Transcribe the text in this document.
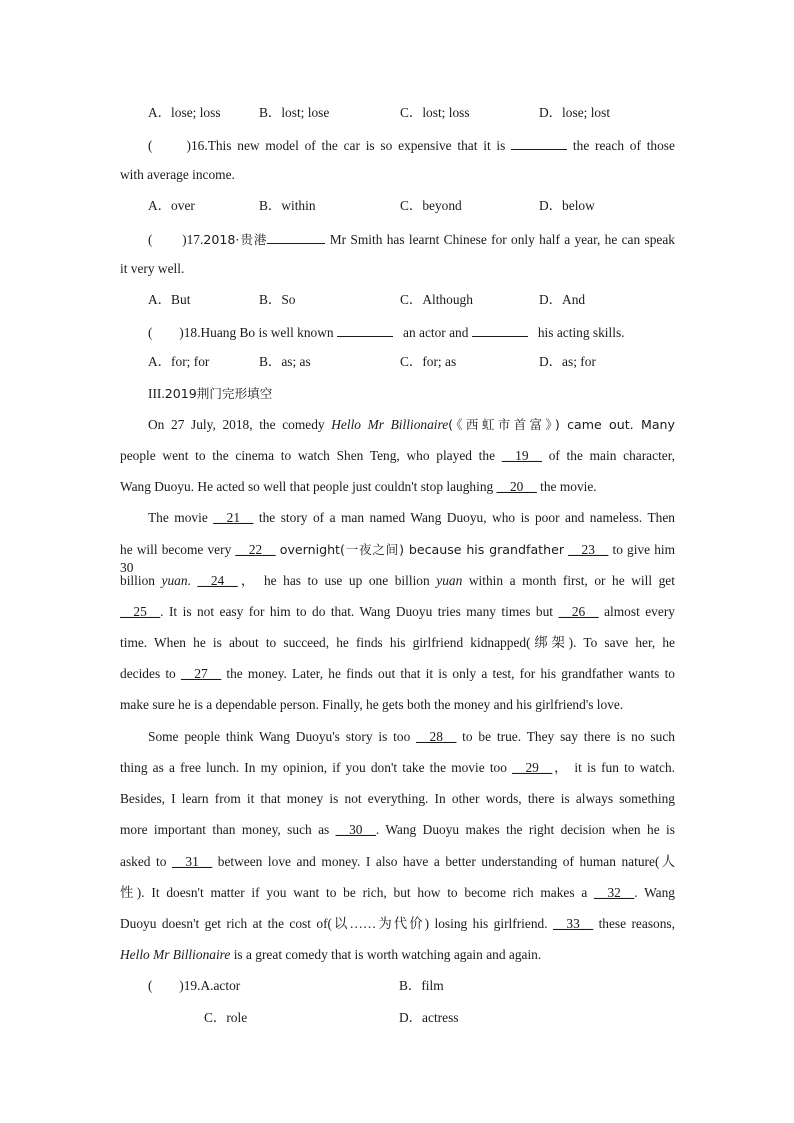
A．lose; loss	B．lost; lose	C．lost; loss	D．lose; lost
(　　)16.This new model of the car is so expensive that it is	the reach of those
with average income.
A．over	B．within	C．beyond	D．below
(　　)17.2018·贵港	Mr Smith has learnt Chinese for only half a year, he can speak
it very well.
A．But	B．So	C．Although	D．And
(　　)18.Huang Bo is well known	an actor and	his acting skills.
A．for; for	B．as; as	C．for; as	D．as; for
III.2019荆门完形填空
On 27 July, 2018, the comedy Hello Mr Billionaire(《西虹市首富》) came out. Many
people went to the cinema to watch Shen Teng, who played the __19__ of the main character,
Wang Duoyu. He acted so well that people just couldn't stop laughing __20__ the movie.
The movie __21__ the story of a man named Wang Duoyu, who is poor and nameless. Then
he will become very __22__ overnight(一夜之间) because his grandfather __23__ to give him 30
billion yuan. __24__， he has to use up one billion yuan within a month first, or he will get
__25__. It is not easy for him to do that. Wang Duoyu tries many times but __26__ almost every
time. When he is about to succeed, he finds his girlfriend kidnapped(绑架). To save her, he
decides to __27__ the money. Later, he finds out that it is only a test, for his grandfather wants to
make sure he is a dependable person. Finally, he gets both the money and his girlfriend's love.
Some people think Wang Duoyu's story is too __28__ to be true. They say there is no such
thing as a free lunch. In my opinion, if you don't take the movie too __29__， it is fun to watch.
Besides, I learn from it that money is not everything. In other words, there is always something
more important than money, such as __30__. Wang Duoyu makes the right decision when he is
asked to __31__ between love and money. I also have a better understanding of human nature(人
性). It doesn't matter if you want to be rich, but how to become rich makes a __32__. Wang
Duoyu doesn't get rich at the cost of(以……为代价) losing his girlfriend. __33__ these reasons,
Hello Mr Billionaire is a great comedy that is worth watching again and again.
(　　)19.A.actor	B．film
C．role	D．actress
